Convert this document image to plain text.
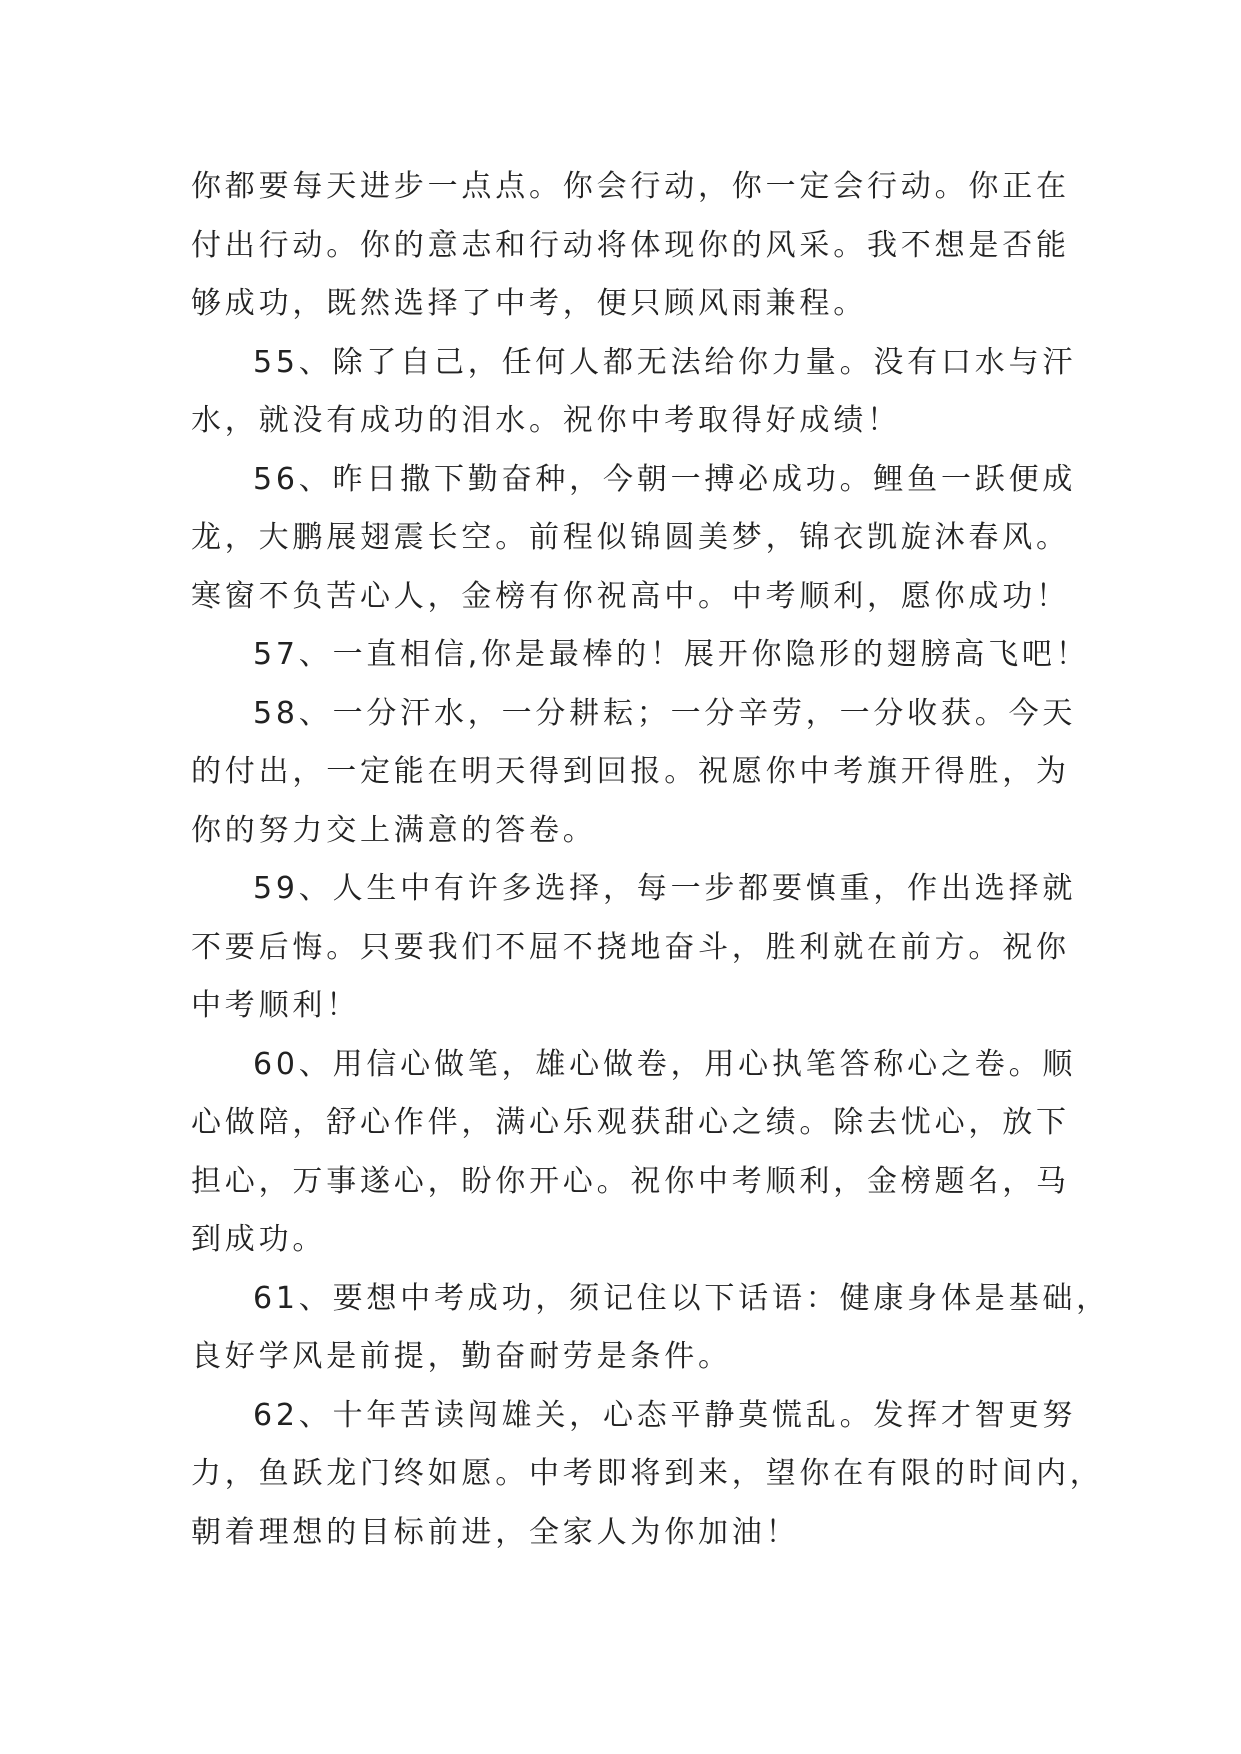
你都要每天进步一点点。你会行动，你一定会行动。你正在
付出行动。你的意志和行动将体现你的风采。我不想是否能
够成功，既然选择了中考，便只顾风雨兼程。

55、除了自己，任何人都无法给你力量。没有口水与汗
水，就没有成功的泪水。祝你中考取得好成绩！

56、昨日撒下勤奋种，今朝一搏必成功。鲤鱼一跃便成
龙，大鹏展翅震长空。前程似锦圆美梦，锦衣凯旋沐春风。
寒窗不负苦心人，金榜有你祝高中。中考顺利，愿你成功！

57、一直相信,你是最棒的！展开你隐形的翅膀高飞吧！

58、一分汗水，一分耕耘；一分辛劳，一分收获。今天
的付出，一定能在明天得到回报。祝愿你中考旗开得胜，为
你的努力交上满意的答卷。

59、人生中有许多选择，每一步都要慎重，作出选择就
不要后悔。只要我们不屈不挠地奋斗，胜利就在前方。祝你
中考顺利！

60、用信心做笔，雄心做卷，用心执笔答称心之卷。顺
心做陪，舒心作伴，满心乐观获甜心之绩。除去忧心，放下
担心，万事遂心，盼你开心。祝你中考顺利，金榜题名，马
到成功。

61、要想中考成功，须记住以下话语：健康身体是基础，
良好学风是前提，勤奋耐劳是条件。

62、十年苦读闯雄关，心态平静莫慌乱。发挥才智更努
力，鱼跃龙门终如愿。中考即将到来，望你在有限的时间内，
朝着理想的目标前进，全家人为你加油！
